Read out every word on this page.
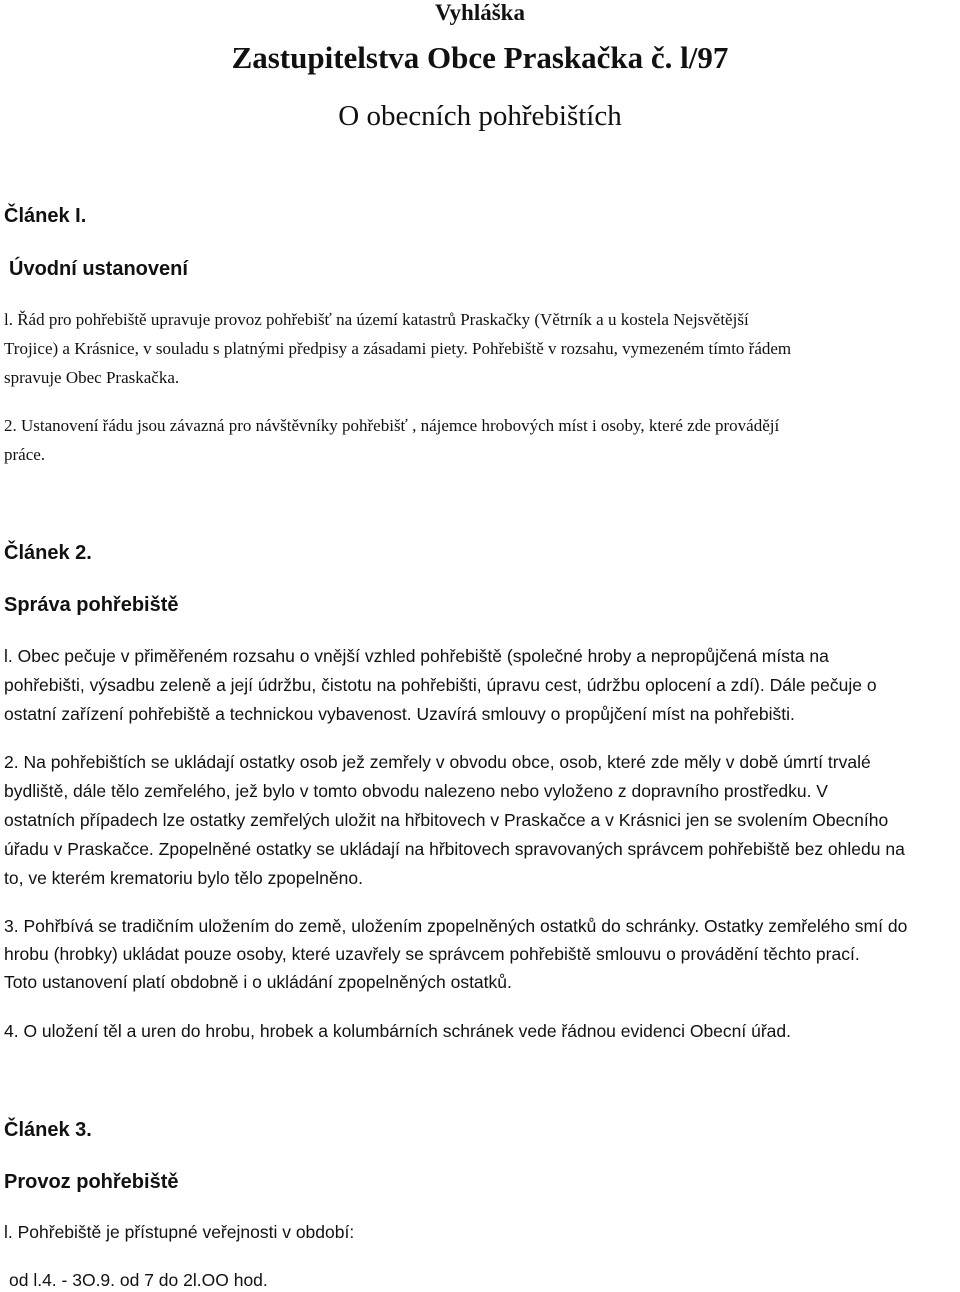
Vyhláška
Zastupitelstva Obce Praskačka č. l/97
O obecních pohřebištích
Článek I.
Úvodní ustanovení
l. Řád pro pohřebiště upravuje provoz pohřebišť na území katastrů Praskačky (Větrník a u kostela Nejsvětější
Trojice) a Krásnice, v souladu s platnými předpisy a zásadami piety. Pohřebiště v rozsahu, vymezeném tímto řádem
spravuje Obec Praskačka.
2. Ustanovení řádu jsou závazná pro návštěvníky pohřebišť , nájemce hrobových míst i osoby, které zde provádějí
práce.
Článek 2.
Správa pohřebiště
l. Obec pečuje v přiměřeném rozsahu o vnější vzhled pohřebiště (společné hroby a nepropůjčená místa na
pohřebišti, výsadbu zeleně a její údržbu, čistotu na pohřebišti, úpravu cest, údržbu oplocení a zdí). Dále pečuje o
ostatní zařízení pohřebiště a technickou vybavenost. Uzavírá smlouvy o propůjčení míst na pohřebišti.
2. Na pohřebištích se ukládají ostatky osob jež zemřely v obvodu obce, osob, které zde měly v době úmrtí trvalé
bydliště, dále tělo zemřelého, jež bylo v tomto obvodu nalezeno nebo vyloženo z dopravního prostředku. V
ostatních případech lze ostatky zemřelých uložit na hřbitovech v Praskačce a v Krásnici jen se svolením Obecního
úřadu v Praskačce. Zpopelněné ostatky se ukládají na hřbitovech spravovaných správcem pohřebiště bez ohledu na
to, ve kterém krematoriu bylo tělo zpopelněno.
3. Pohřbívá se tradičním uložením do země, uložením zpopelněných ostatků do schránky. Ostatky zemřelého smí do
hrobu (hrobky) ukládat pouze osoby, které uzavřely se správcem pohřebiště smlouvu o provádění těchto prací.
Toto ustanovení platí obdobně i o ukládání zpopelněných ostatků.
4. O uložení těl a uren do hrobu, hrobek a kolumbárních schránek vede řádnou evidenci Obecní úřad.
Článek 3.
Provoz pohřebiště
l. Pohřebiště je přístupné veřejnosti v období:
od l.4. - 3O.9. od 7 do 2l.OO hod.
